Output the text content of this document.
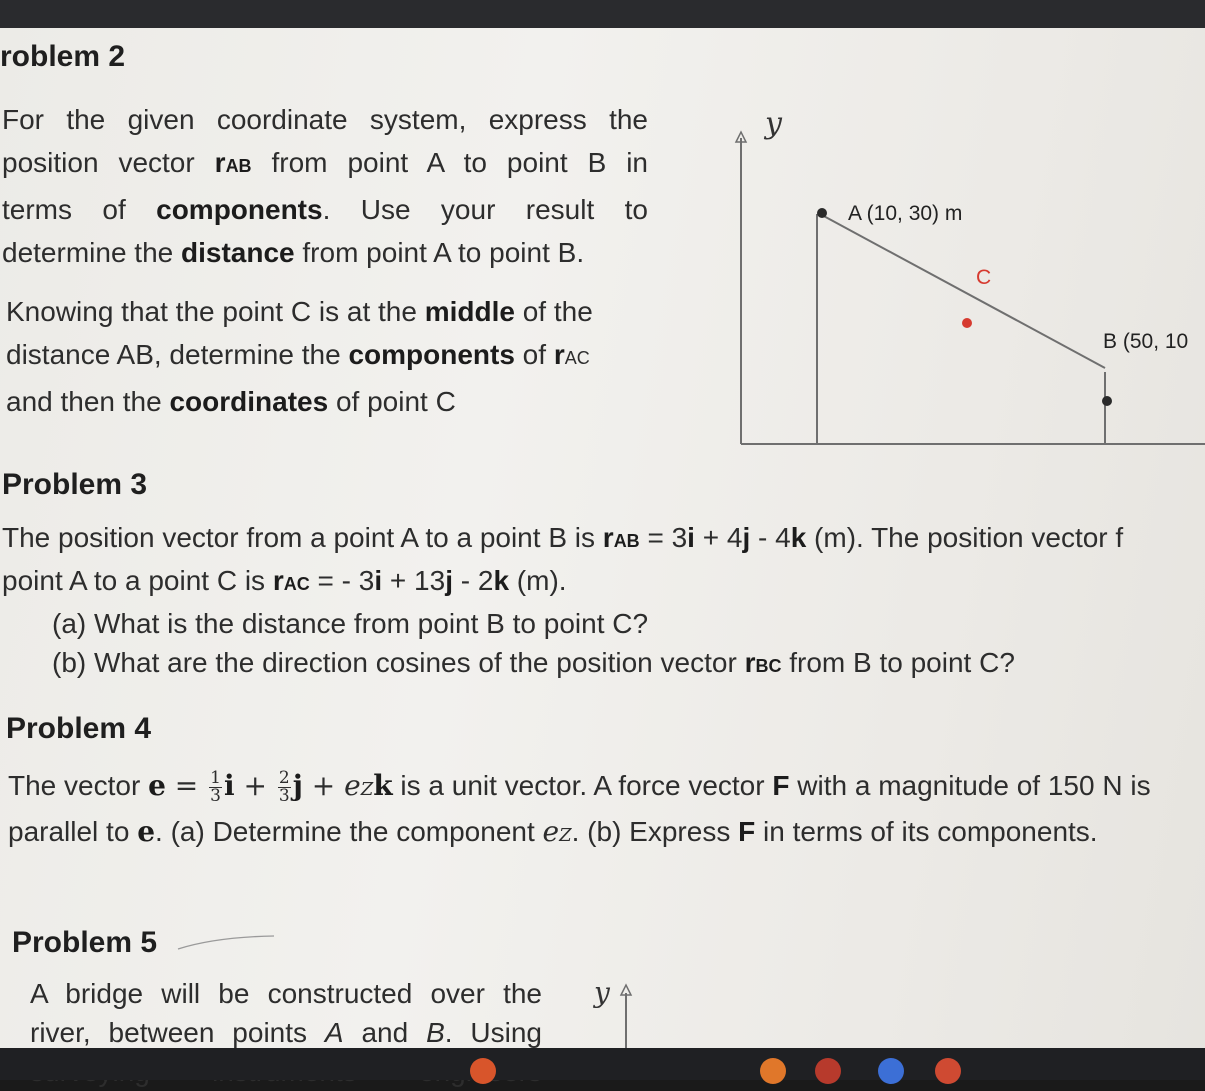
roblem 2
For the given coordinate system, express the
position vector rAB from point A to point B in
terms of components. Use your result to
determine the distance from point A to point B.
Knowing that the point C is at the middle of the
distance AB, determine the components of rAC
and then the coordinates of point C
y
A (10, 30) m
C
B (50, 10
Problem 3
The position vector from a point A to a point B is rAB = 3i + 4j - 4k (m). The position vector f
point A to a point C is rAC = - 3i + 13j - 2k (m).
(a) What is the distance from point B to point C?
(b) What are the direction cosines of the position vector rBC from B to point C?
Problem 4
The vector $e = \frac{1}{3}$ $i + \frac{2}{3}$ j + eZk is a unit vector. A force vector F with a magnitude of 150 N is
parallel to e. (a) Determine the component eZ. (b) Express F in terms of its components.
Problem 5
A bridge will be constructed over the
river, between points A and B. Using
y
